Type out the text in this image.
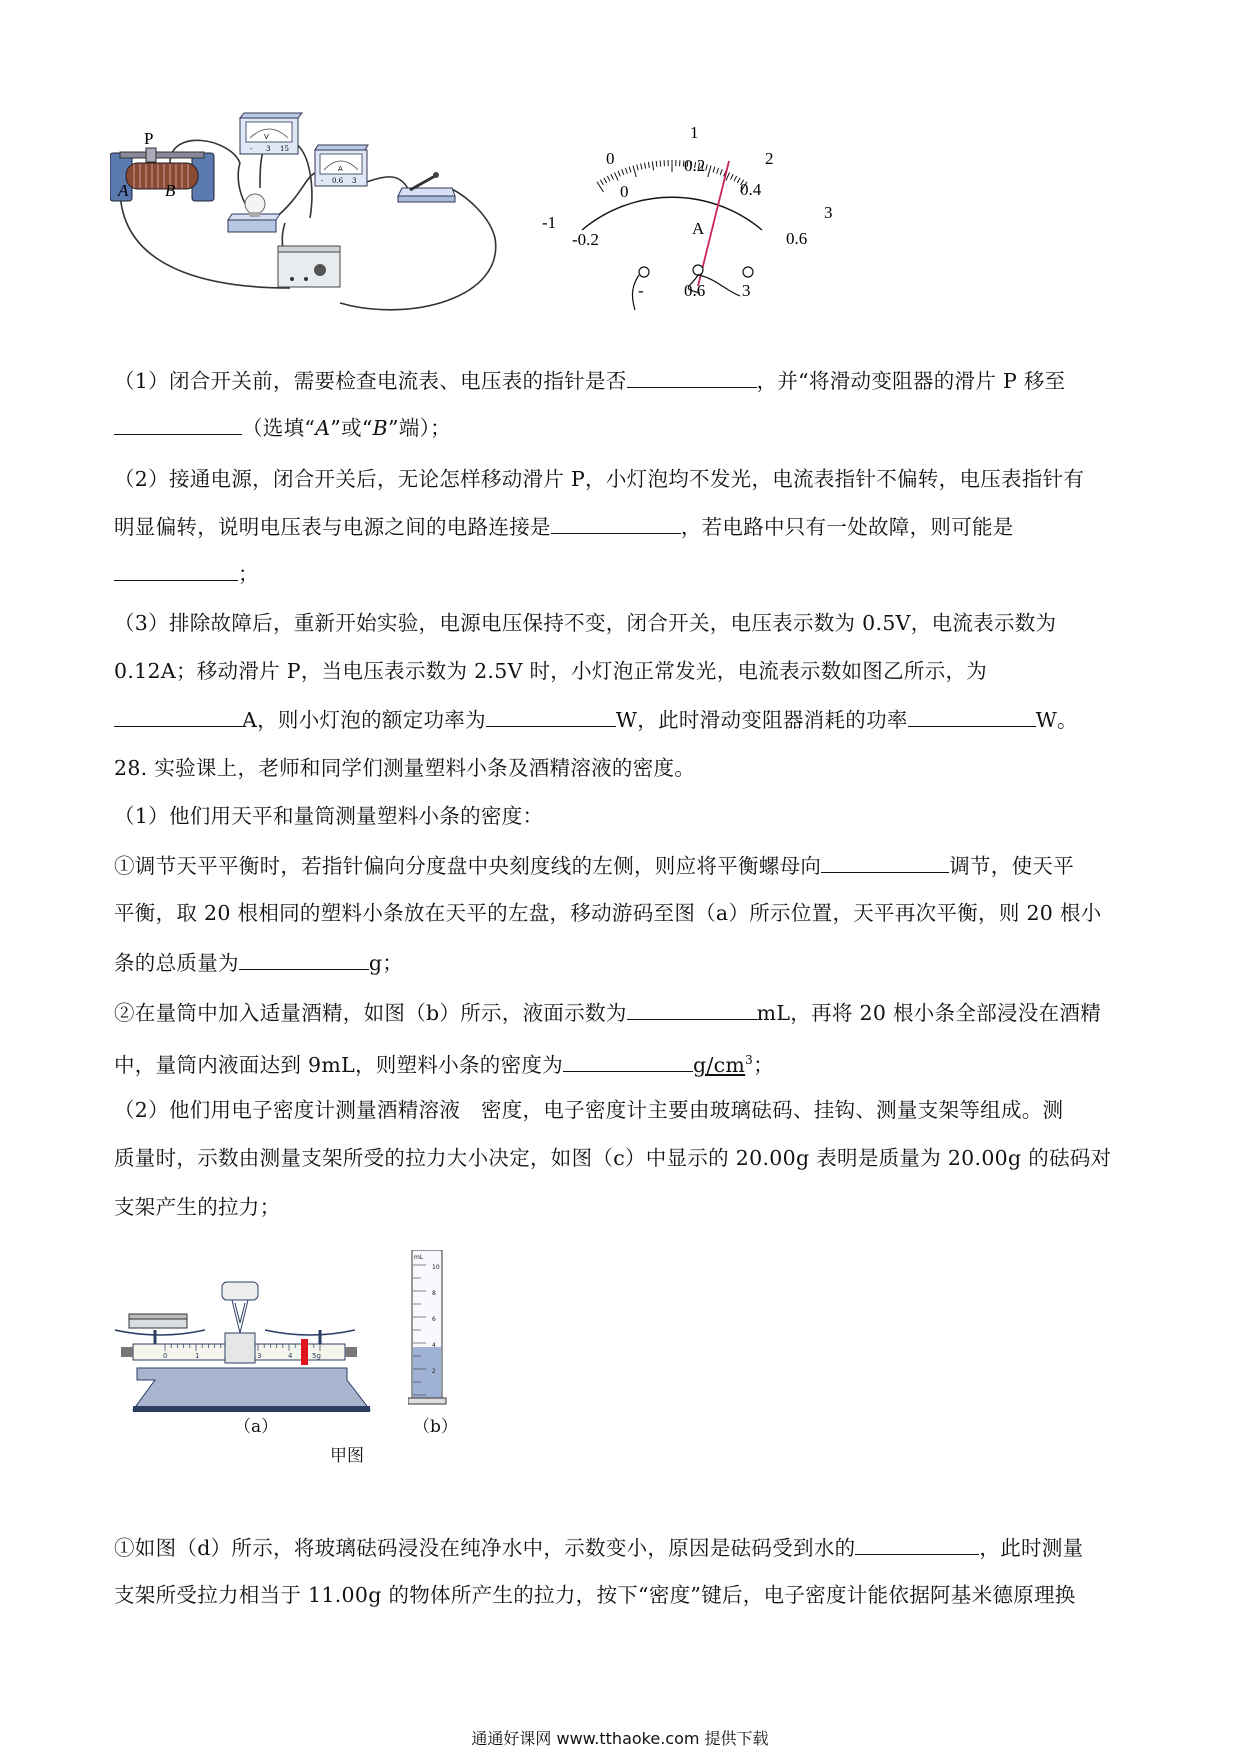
P
A B
V
- 3 15
A
- 0.6 3
-1
0
1
2
3
-0.2
0
0.2
0.4
0.6
A
- 0.6 3
（1）闭合开关前，需要检查电流表、电压表的指针是否	，并“将滑动变阻器的滑片 P 移至
（选填“A”或“B”端）；
（2）接通电源，闭合开关后，无论怎样移动滑片 P，小灯泡均不发光，电流表指针不偏转，电压表指针有
明显偏转，说明电压表与电源之间的电路连接是	，若电路中只有一处故障，则可能是
；
（3）排除故障后，重新开始实验，电源电压保持不变，闭合开关，电压表示数为 0.5V，电流表示数为
0.12A；移动滑片 P，当电压表示数为 2.5V 时，小灯泡正常发光，电流表示数如图乙所示，为
A，则小灯泡的额定功率为	W，此时滑动变阻器消耗的功率	W。
28. 实验课上，老师和同学们测量塑料小条及酒精溶液的密度。
（1）他们用天平和量筒测量塑料小条的密度：
①调节天平平衡时，若指针偏向分度盘中央刻度线的左侧，则应将平衡螺母向	调节，使天平
平衡，取 20 根相同的塑料小条放在天平的左盘，移动游码至图（a）所示位置，天平再次平衡，则 20 根小
条的总质量为	g；
②在量筒中加入适量酒精，如图（b）所示，液面示数为	mL，再将 20 根小条全部浸没在酒精
中，量筒内液面达到 9mL，则塑料小条的密度为	$g/cm^3$；
（2）他们用电子密度计测量酒精溶液　密度，电子密度计主要由玻璃砝码、挂钩、测量支架等组成。测
质量时，示数由测量支架所受的拉力大小决定，如图（c）中显示的 20.00g 表明是质量为 20.00g 的砝码对
支架产生的拉力；
0	1	3	4	5g
mL
10
8
6
4
2
（a）	（b）
甲图
①如图（d）所示，将玻璃砝码浸没在纯净水中，示数变小，原因是砝码受到水的	，此时测量
支架所受拉力相当于 11.00g 的物体所产生的拉力，按下“密度”键后，电子密度计能依据阿基米德原理换
通通好课网 www.tthaoke.com 提供下载
